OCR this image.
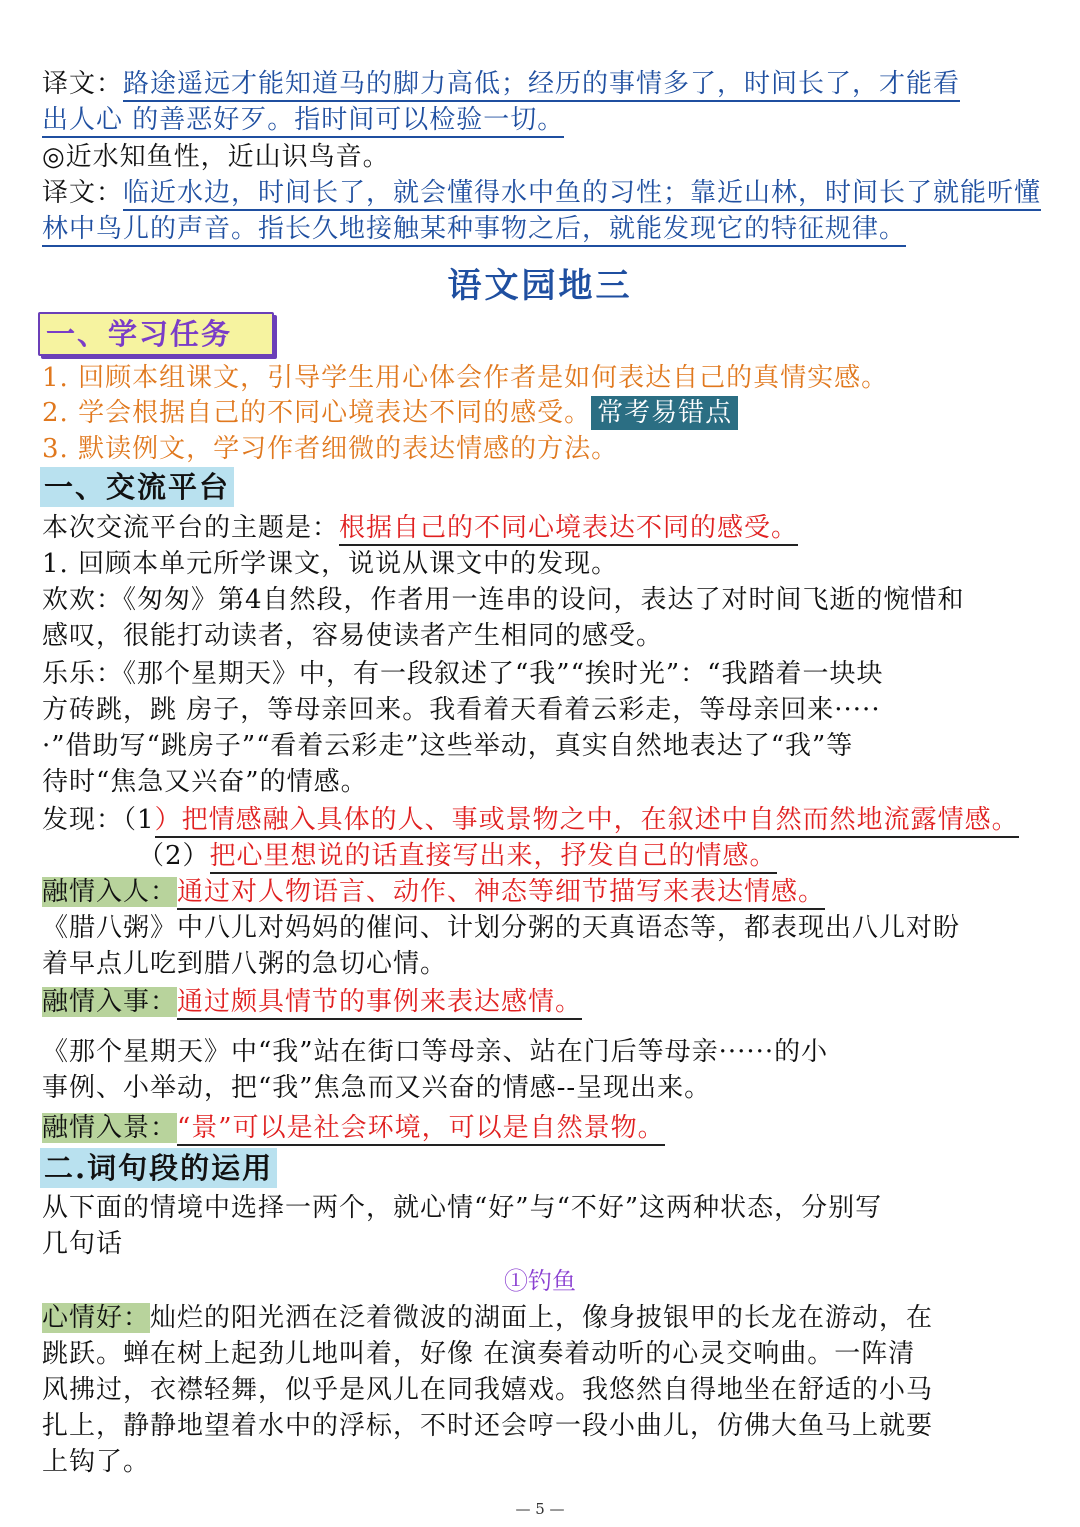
译文：路途遥远才能知道马的脚力高低；经历的事情多了，时间长了，才能看
出人心 的善恶好歹。指时间可以检验一切。
◎近水知鱼性，近山识鸟音。
译文：临近水边，时间长了，就会懂得水中鱼的习性；靠近山林，时间长了就能听懂
林中鸟儿的声音。指长久地接触某种事物之后，就能发现它的特征规律。
语文园地三
一、学习任务
1. 回顾本组课文，引导学生用心体会作者是如何表达自己的真情实感。
2. 学会根据自己的不同心境表达不同的感受。 常考易错点
3. 默读例文，学习作者细微的表达情感的方法。
一、交流平台
本次交流平台的主题是：根据自己的不同心境表达不同的感受。
1. 回顾本单元所学课文，说说从课文中的发现。
欢欢：《匆匆》第4自然段，作者用一连串的设问，表达了对时间飞逝的惋惜和
感叹，很能打动读者，容易使读者产生相同的感受。
乐乐：《那个星期天》中，有一段叙述了“我”“挨时光”：“我踏着一块块
方砖跳，跳 房子，等母亲回来。我看着天看着云彩走，等母亲回来·····
·”借助写“跳房子”“看着云彩走”这些举动，真实自然地表达了“我”等
待时“焦急又兴奋”的情感。
发现：（1）把情感融入具体的人、事或景物之中，在叙述中自然而然地流露情感。
（2）把心里想说的话直接写出来，抒发自己的情感。
融情入人：通过对人物语言、动作、神态等细节描写来表达情感。
《腊八粥》中八儿对妈妈的催问、计划分粥的天真语态等，都表现出八儿对盼
着早点儿吃到腊八粥的急切心情。
融情入事：通过颇具情节的事例来表达感情。
《那个星期天》中“我”站在街口等母亲、站在门后等母亲······的小
事例、小举动，把“我”焦急而又兴奋的情感--呈现出来。
融情入景：“景”可以是社会环境，可以是自然景物。
二.词句段的运用
从下面的情境中选择一两个，就心情“好”与“不好”这两种状态，分别写
几句话
①钓鱼
心情好：灿烂的阳光洒在泛着微波的湖面上，像身披银甲的长龙在游动，在
跳跃。蝉在树上起劲儿地叫着，好像 在演奏着动听的心灵交响曲。一阵清
风拂过，衣襟轻舞，似乎是风儿在同我嬉戏。我悠然自得地坐在舒适的小马
扎上，静静地望着水中的浮标，不时还会哼一段小曲儿，仿佛大鱼马上就要
上钩了。
— 5 —
